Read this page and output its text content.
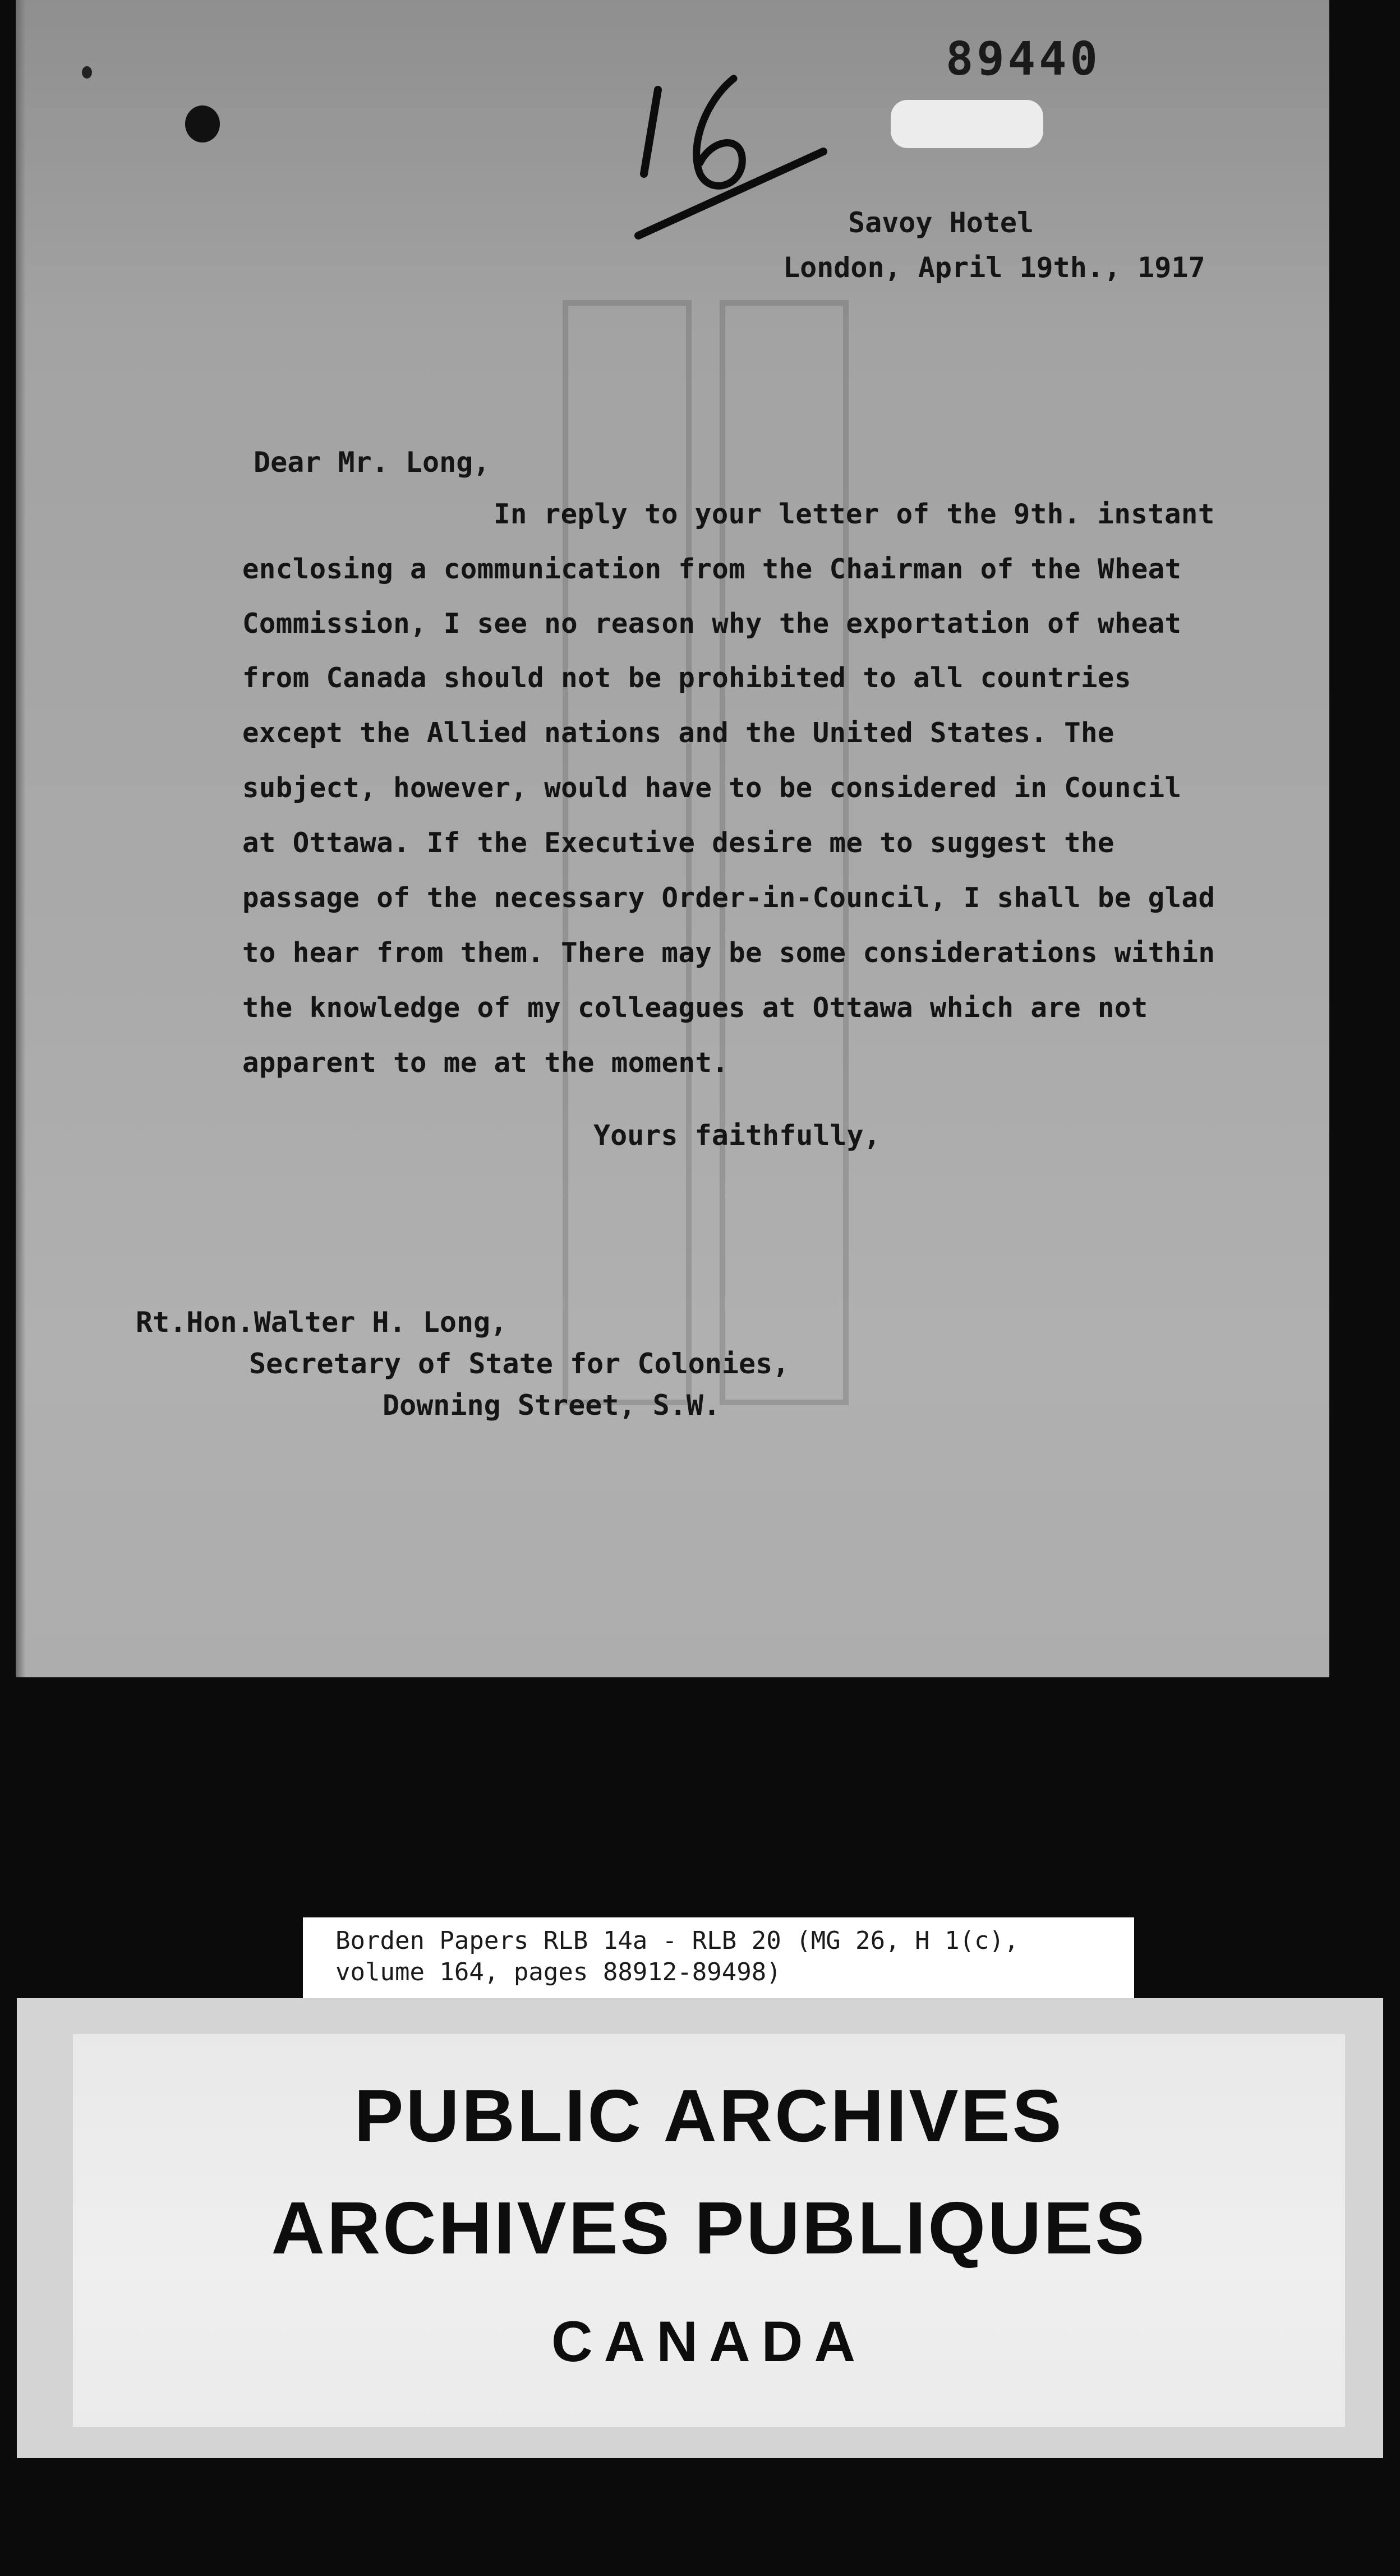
89440
Savoy Hotel
London, April 19th., 1917
Dear Mr. Long,
In reply to your letter of the 9th. instant
enclosing a communication from the Chairman of the Wheat
Commission, I see no reason why the exportation of wheat
from Canada should not be prohibited to all countries
except the Allied nations and the United States. The
subject, however, would have to be considered in Council
at Ottawa. If the Executive desire me to suggest the
passage of the necessary Order-in-Council, I shall be glad
to hear from them. There may be some considerations within
the knowledge of my colleagues at Ottawa which are not
apparent to me at the moment.
Yours faithfully,
Rt.Hon.Walter H. Long,
Secretary of State for Colonies,
Downing Street, S.W.
Borden Papers RLB 14a - RLB 20 (MG 26, H 1(c),
volume 164, pages 88912-89498)
PUBLIC ARCHIVES
ARCHIVES PUBLIQUES
CANADA
